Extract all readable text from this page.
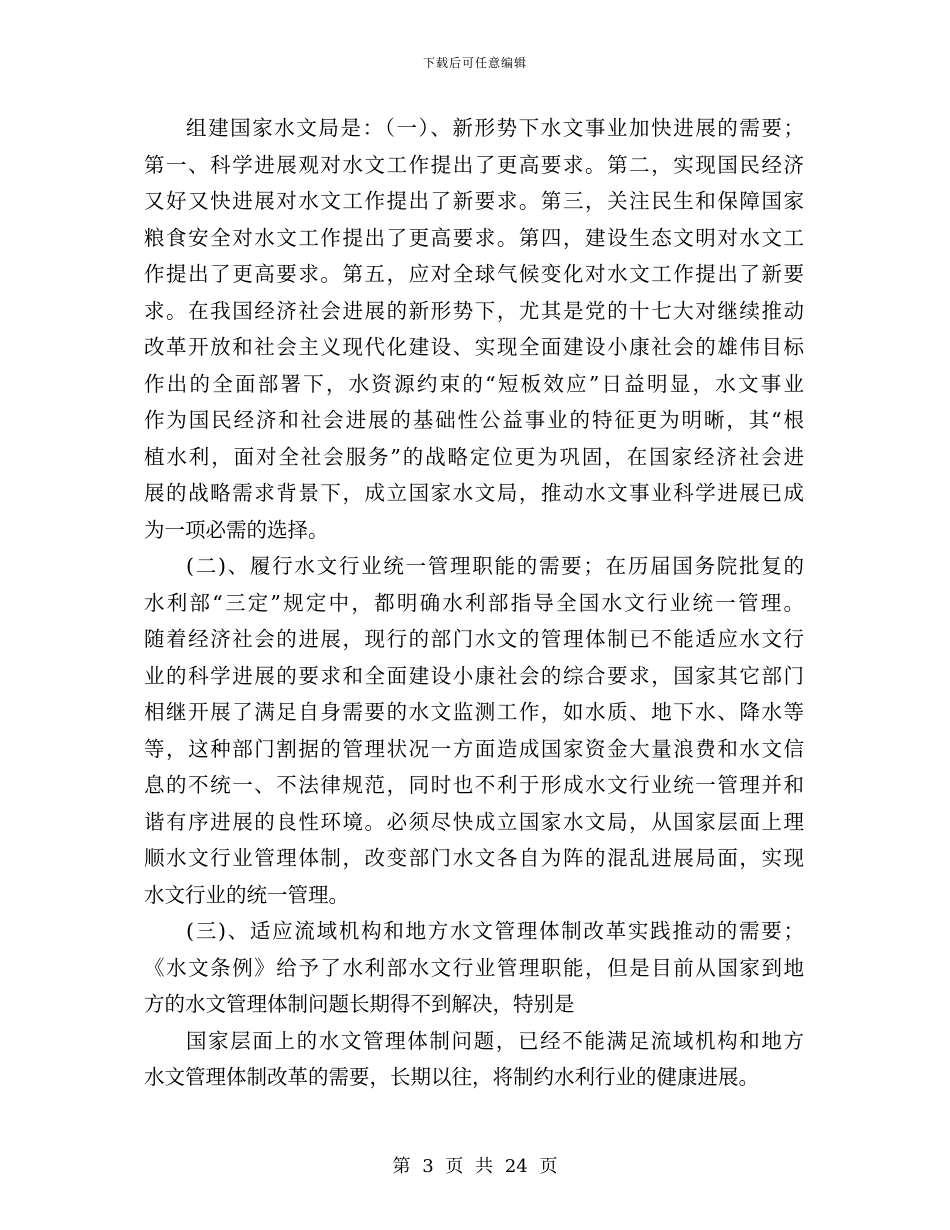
下载后可任意编辑
组建国家水文局是：（一）、新形势下水文事业加快进展的需要；
第一、科学进展观对水文工作提出了更高要求。第二，实现国民经济
又好又快进展对水文工作提出了新要求。第三，关注民生和保障国家
粮食安全对水文工作提出了更高要求。第四，建设生态文明对水文工
作提出了更高要求。第五，应对全球气候变化对水文工作提出了新要
求。在我国经济社会进展的新形势下，尤其是党的十七大对继续推动
改革开放和社会主义现代化建设、实现全面建设小康社会的雄伟目标
作出的全面部署下，水资源约束的“短板效应”日益明显，水文事业
作为国民经济和社会进展的基础性公益事业的特征更为明晰，其“根
植水利，面对全社会服务”的战略定位更为巩固，在国家经济社会进
展的战略需求背景下，成立国家水文局，推动水文事业科学进展已成
为一项必需的选择。
(二)、履行水文行业统一管理职能的需要；在历届国务院批复的
水利部“三定”规定中，都明确水利部指导全国水文行业统一管理。
随着经济社会的进展，现行的部门水文的管理体制已不能适应水文行
业的科学进展的要求和全面建设小康社会的综合要求，国家其它部门
相继开展了满足自身需要的水文监测工作，如水质、地下水、降水等
等，这种部门割据的管理状况一方面造成国家资金大量浪费和水文信
息的不统一、不法律规范，同时也不利于形成水文行业统一管理并和
谐有序进展的良性环境。必须尽快成立国家水文局，从国家层面上理
顺水文行业管理体制，改变部门水文各自为阵的混乱进展局面，实现
水文行业的统一管理。
(三)、适应流域机构和地方水文管理体制改革实践推动的需要；
《水文条例》给予了水利部水文行业管理职能，但是目前从国家到地
方的水文管理体制问题长期得不到解决，特别是
国家层面上的水文管理体制问题，已经不能满足流域机构和地方
水文管理体制改革的需要，长期以往，将制约水利行业的健康进展。
第 3 页 共 24 页
